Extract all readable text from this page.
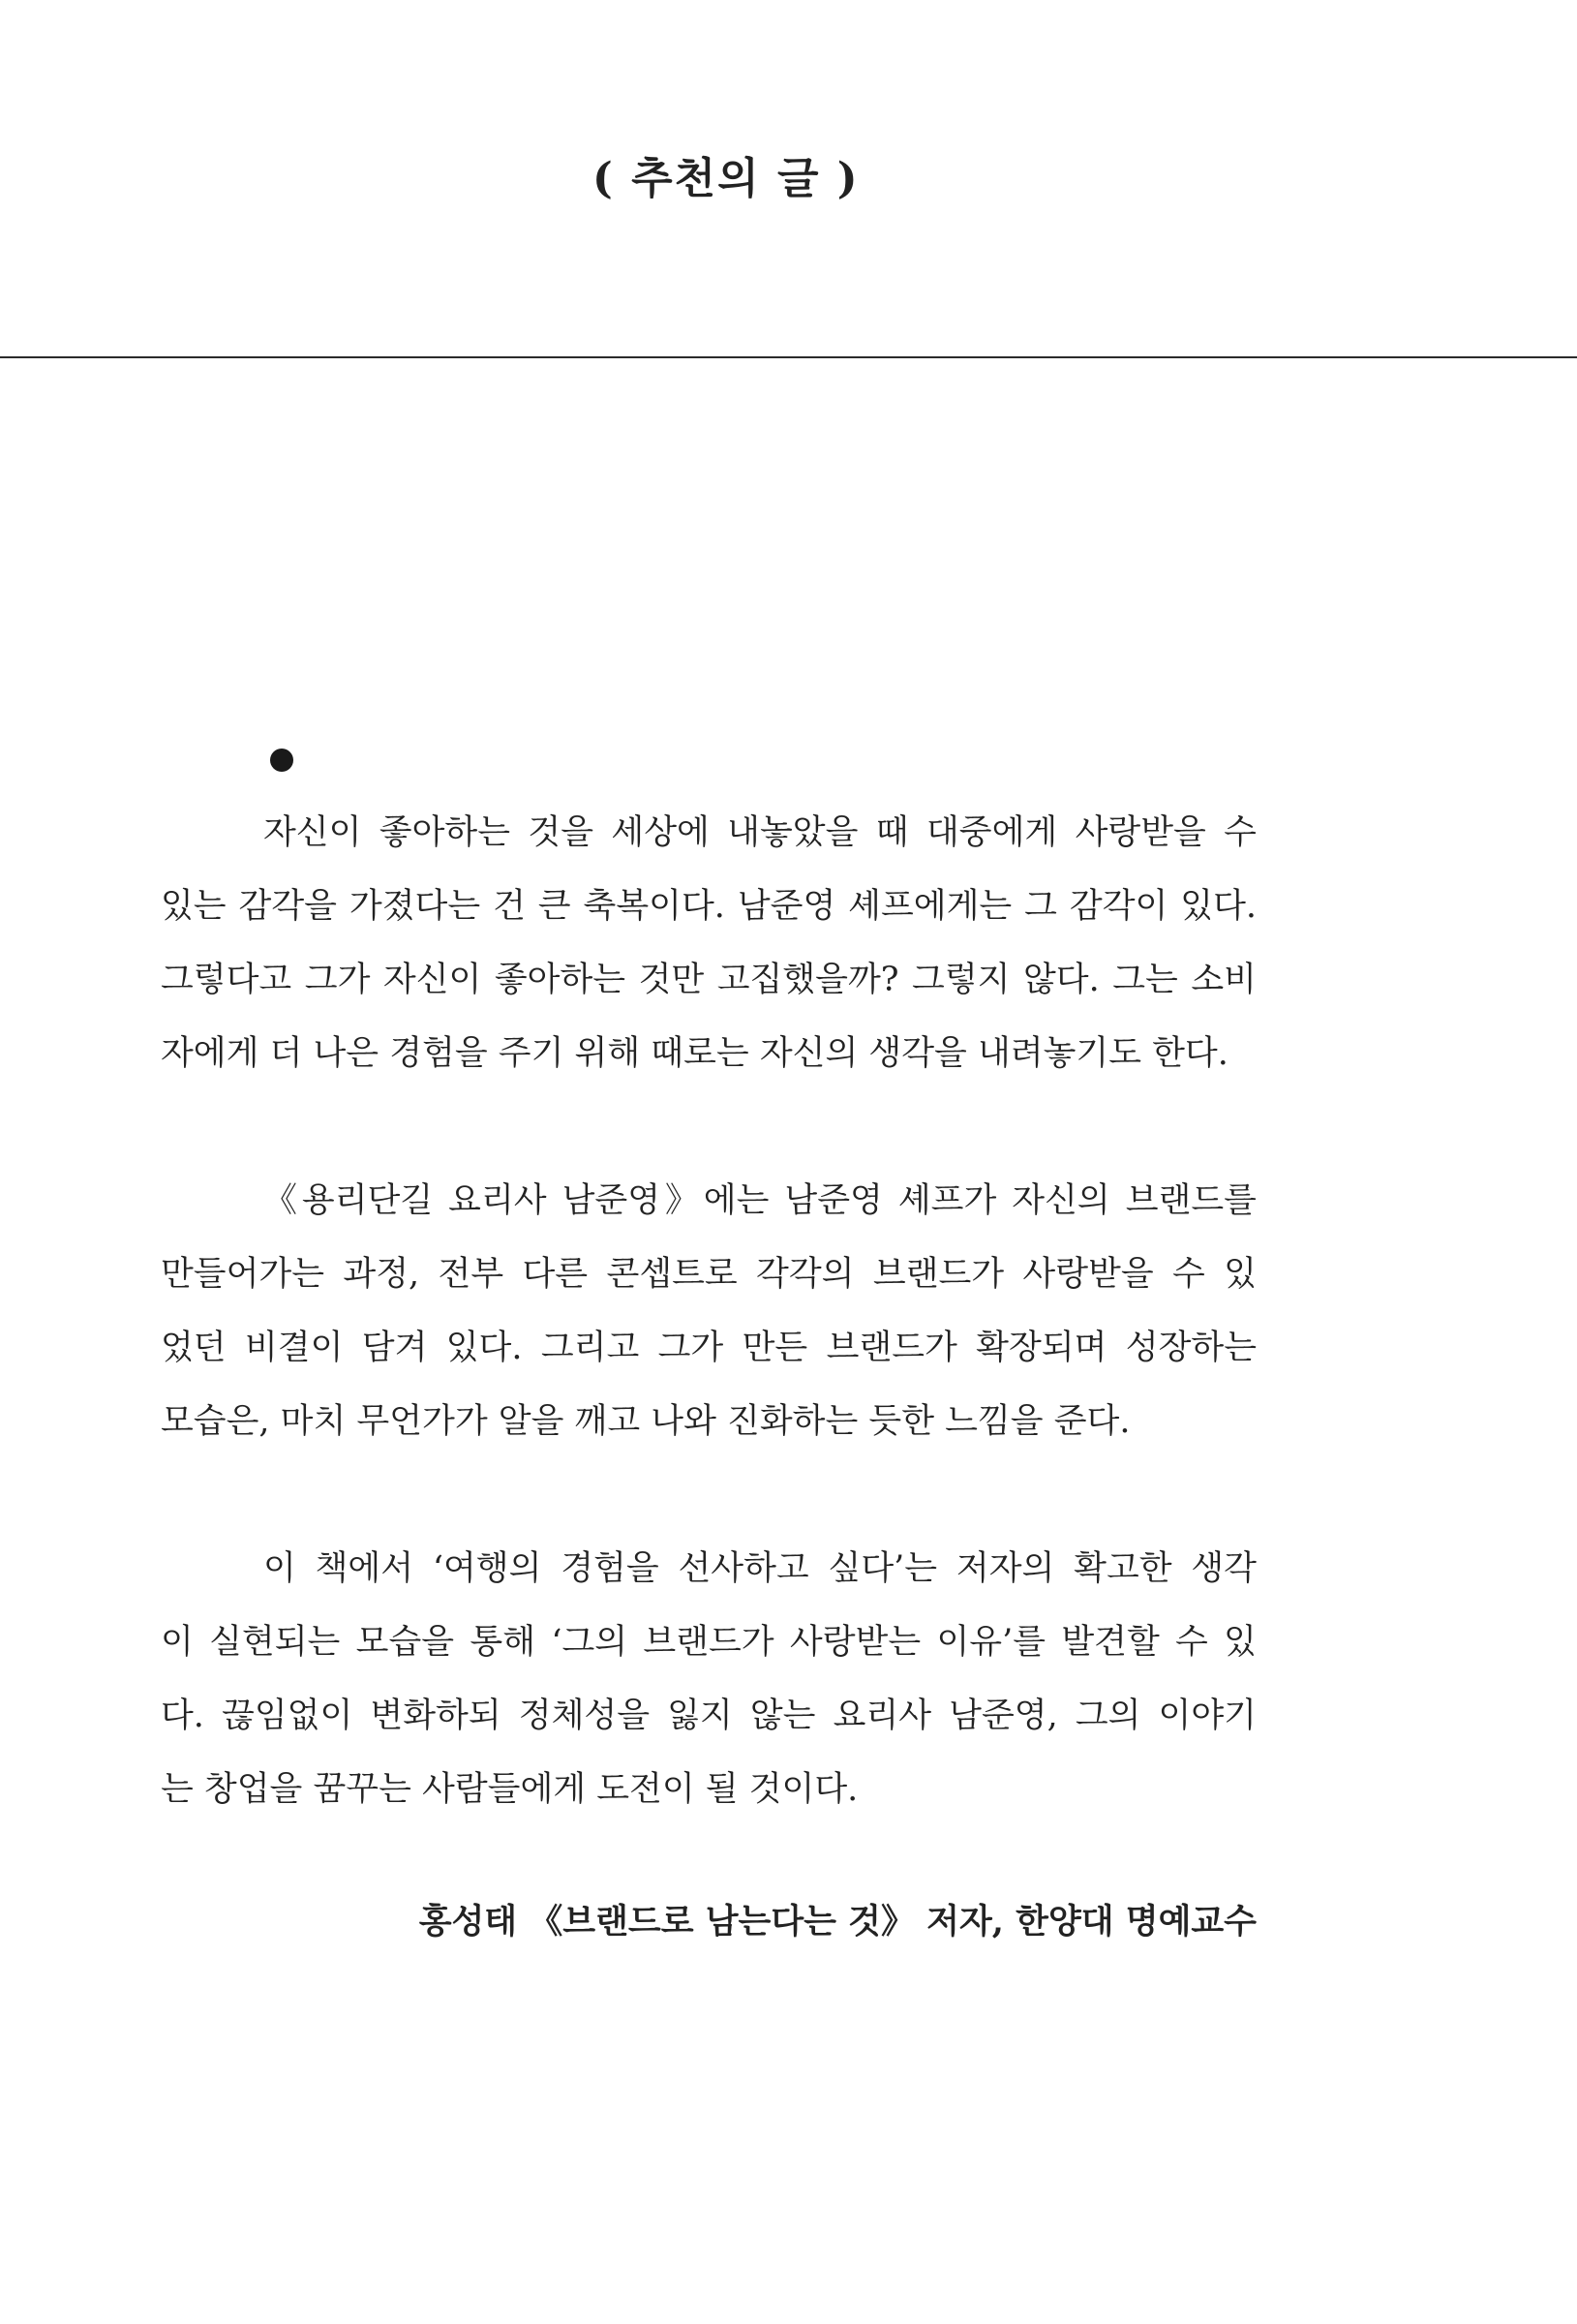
( 추천의 글 )
자신이 좋아하는 것을 세상에 내놓았을 때 대중에게 사랑받을 수
있는 감각을 가졌다는 건 큰 축복이다. 남준영 셰프에게는 그 감각이 있다.
그렇다고 그가 자신이 좋아하는 것만 고집했을까? 그렇지 않다. 그는 소비
자에게 더 나은 경험을 주기 위해 때로는 자신의 생각을 내려놓기도 한다.
《용리단길 요리사 남준영》에는 남준영 셰프가 자신의 브랜드를
만들어가는 과정, 전부 다른 콘셉트로 각각의 브랜드가 사랑받을 수 있
었던 비결이 담겨 있다. 그리고 그가 만든 브랜드가 확장되며 성장하는
모습은, 마치 무언가가 알을 깨고 나와 진화하는 듯한 느낌을 준다.
이 책에서 ‘여행의 경험을 선사하고 싶다’는 저자의 확고한 생각
이 실현되는 모습을 통해 ‘그의 브랜드가 사랑받는 이유’를 발견할 수 있
다. 끊임없이 변화하되 정체성을 잃지 않는 요리사 남준영, 그의 이야기
는 창업을 꿈꾸는 사람들에게 도전이 될 것이다.
홍성태 《브랜드로 남는다는 것》 저자, 한양대 명예교수
